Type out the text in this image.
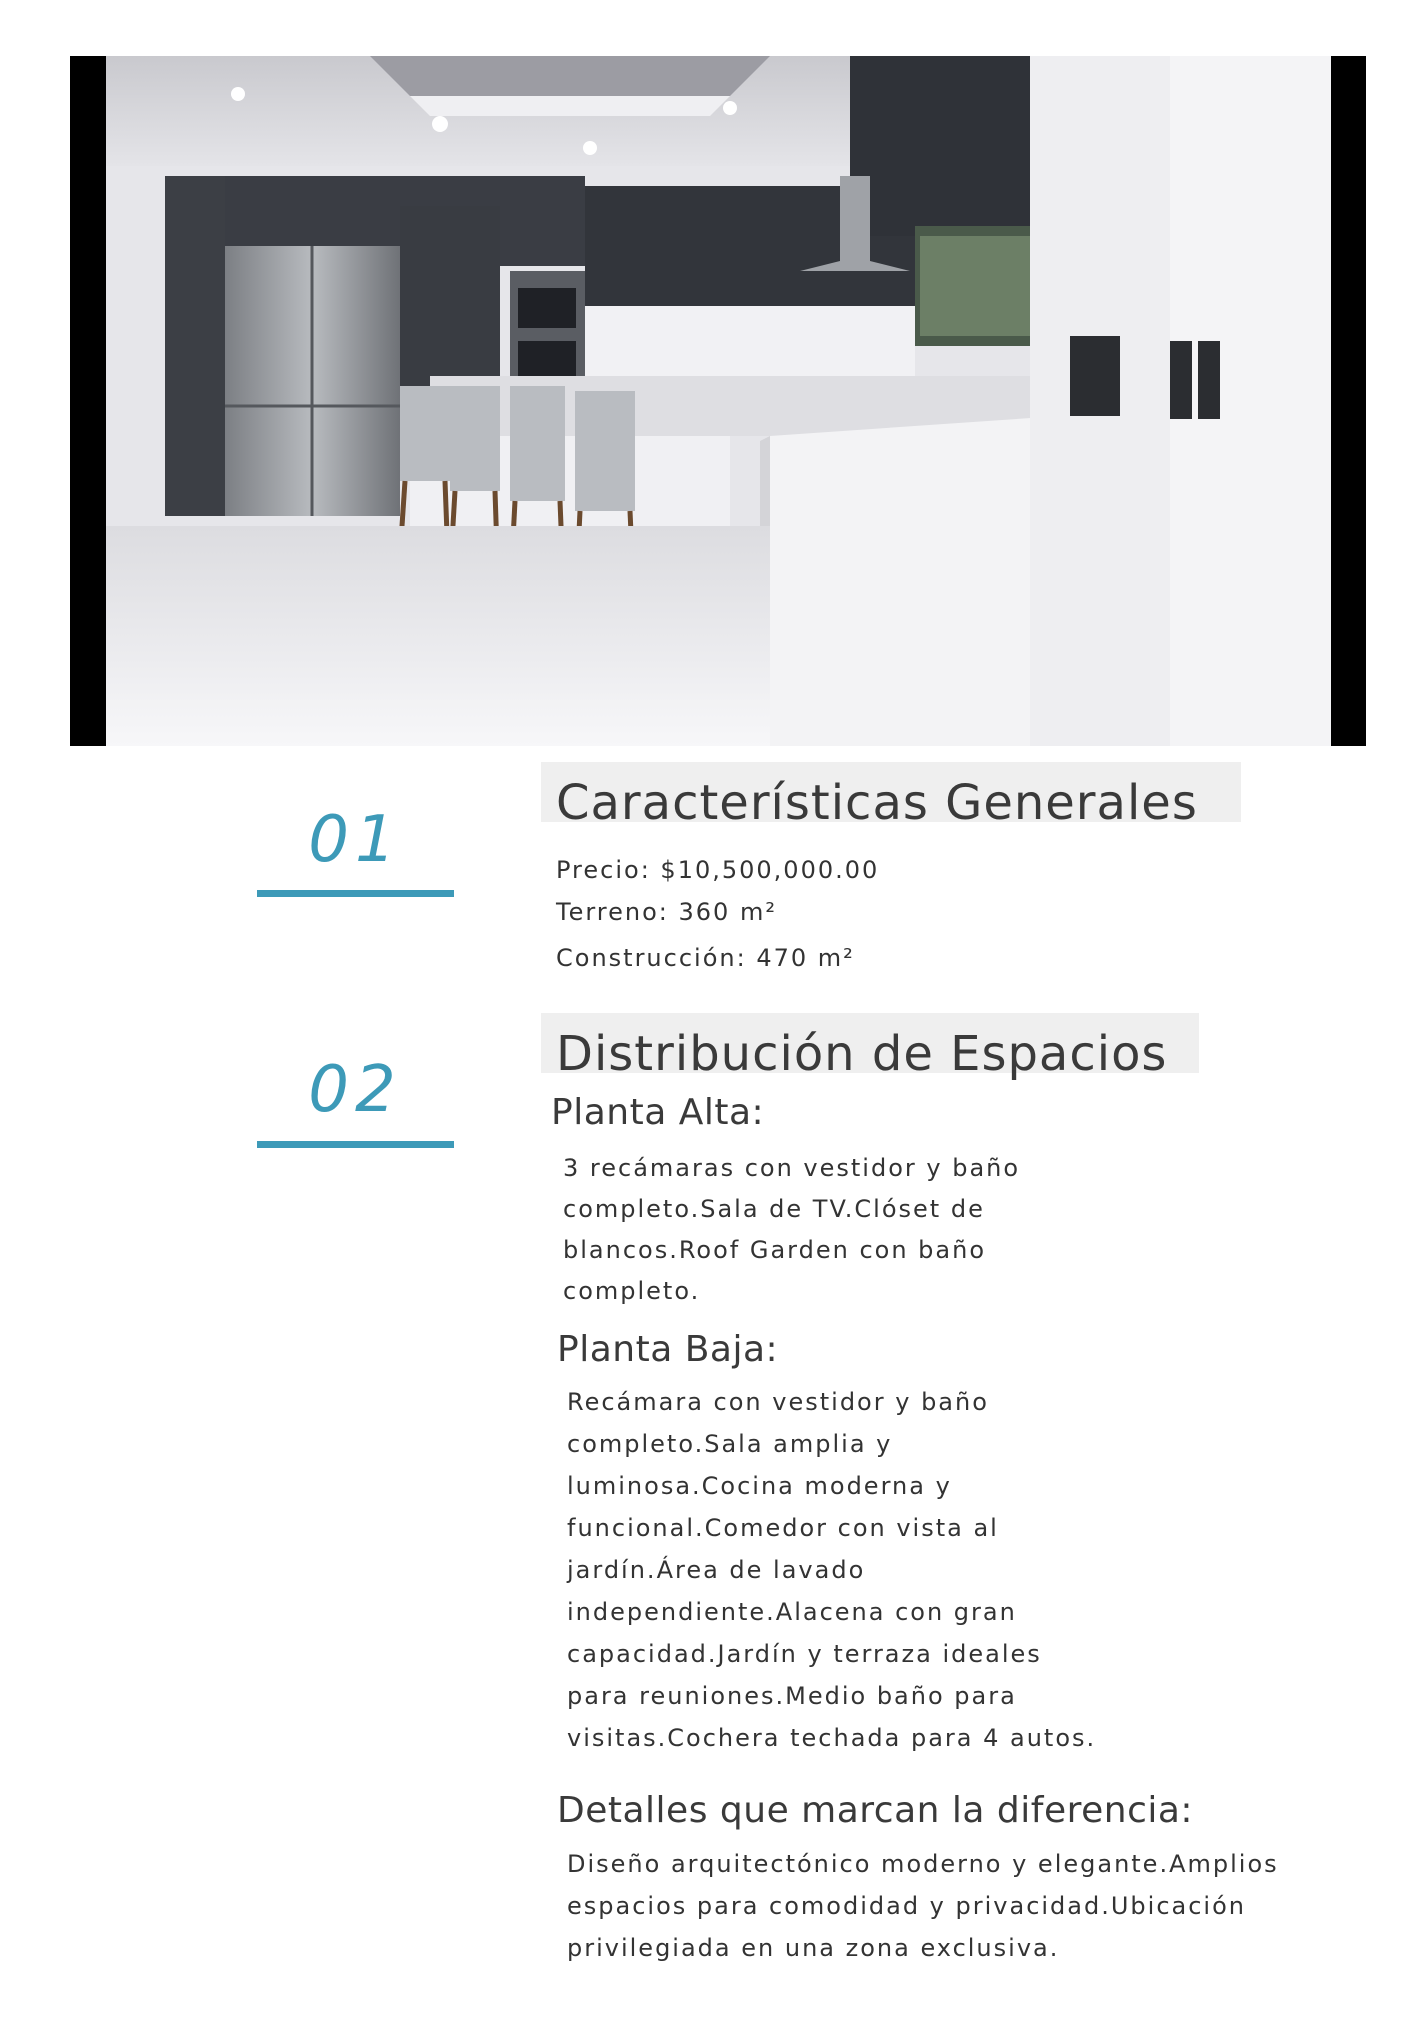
01	Características Generales
Precio: $10,500,000.00
Terreno: 360 m²
Construcción: 470 m²
02	Distribución de Espacios
Planta Alta:
3 recámaras con vestidor y baño
completo.Sala de TV.Clóset de
blancos.Roof Garden con baño
completo.
Planta Baja:
Recámara con vestidor y baño
completo.Sala amplia y
luminosa.Cocina moderna y
funcional.Comedor con vista al
jardín.Área de lavado
independiente.Alacena con gran
capacidad.Jardín y terraza ideales
para reuniones.Medio baño para
visitas.Cochera techada para 4 autos.
Detalles que marcan la diferencia:
Diseño arquitectónico moderno y elegante.Amplios
espacios para comodidad y privacidad.Ubicación
privilegiada en una zona exclusiva.
